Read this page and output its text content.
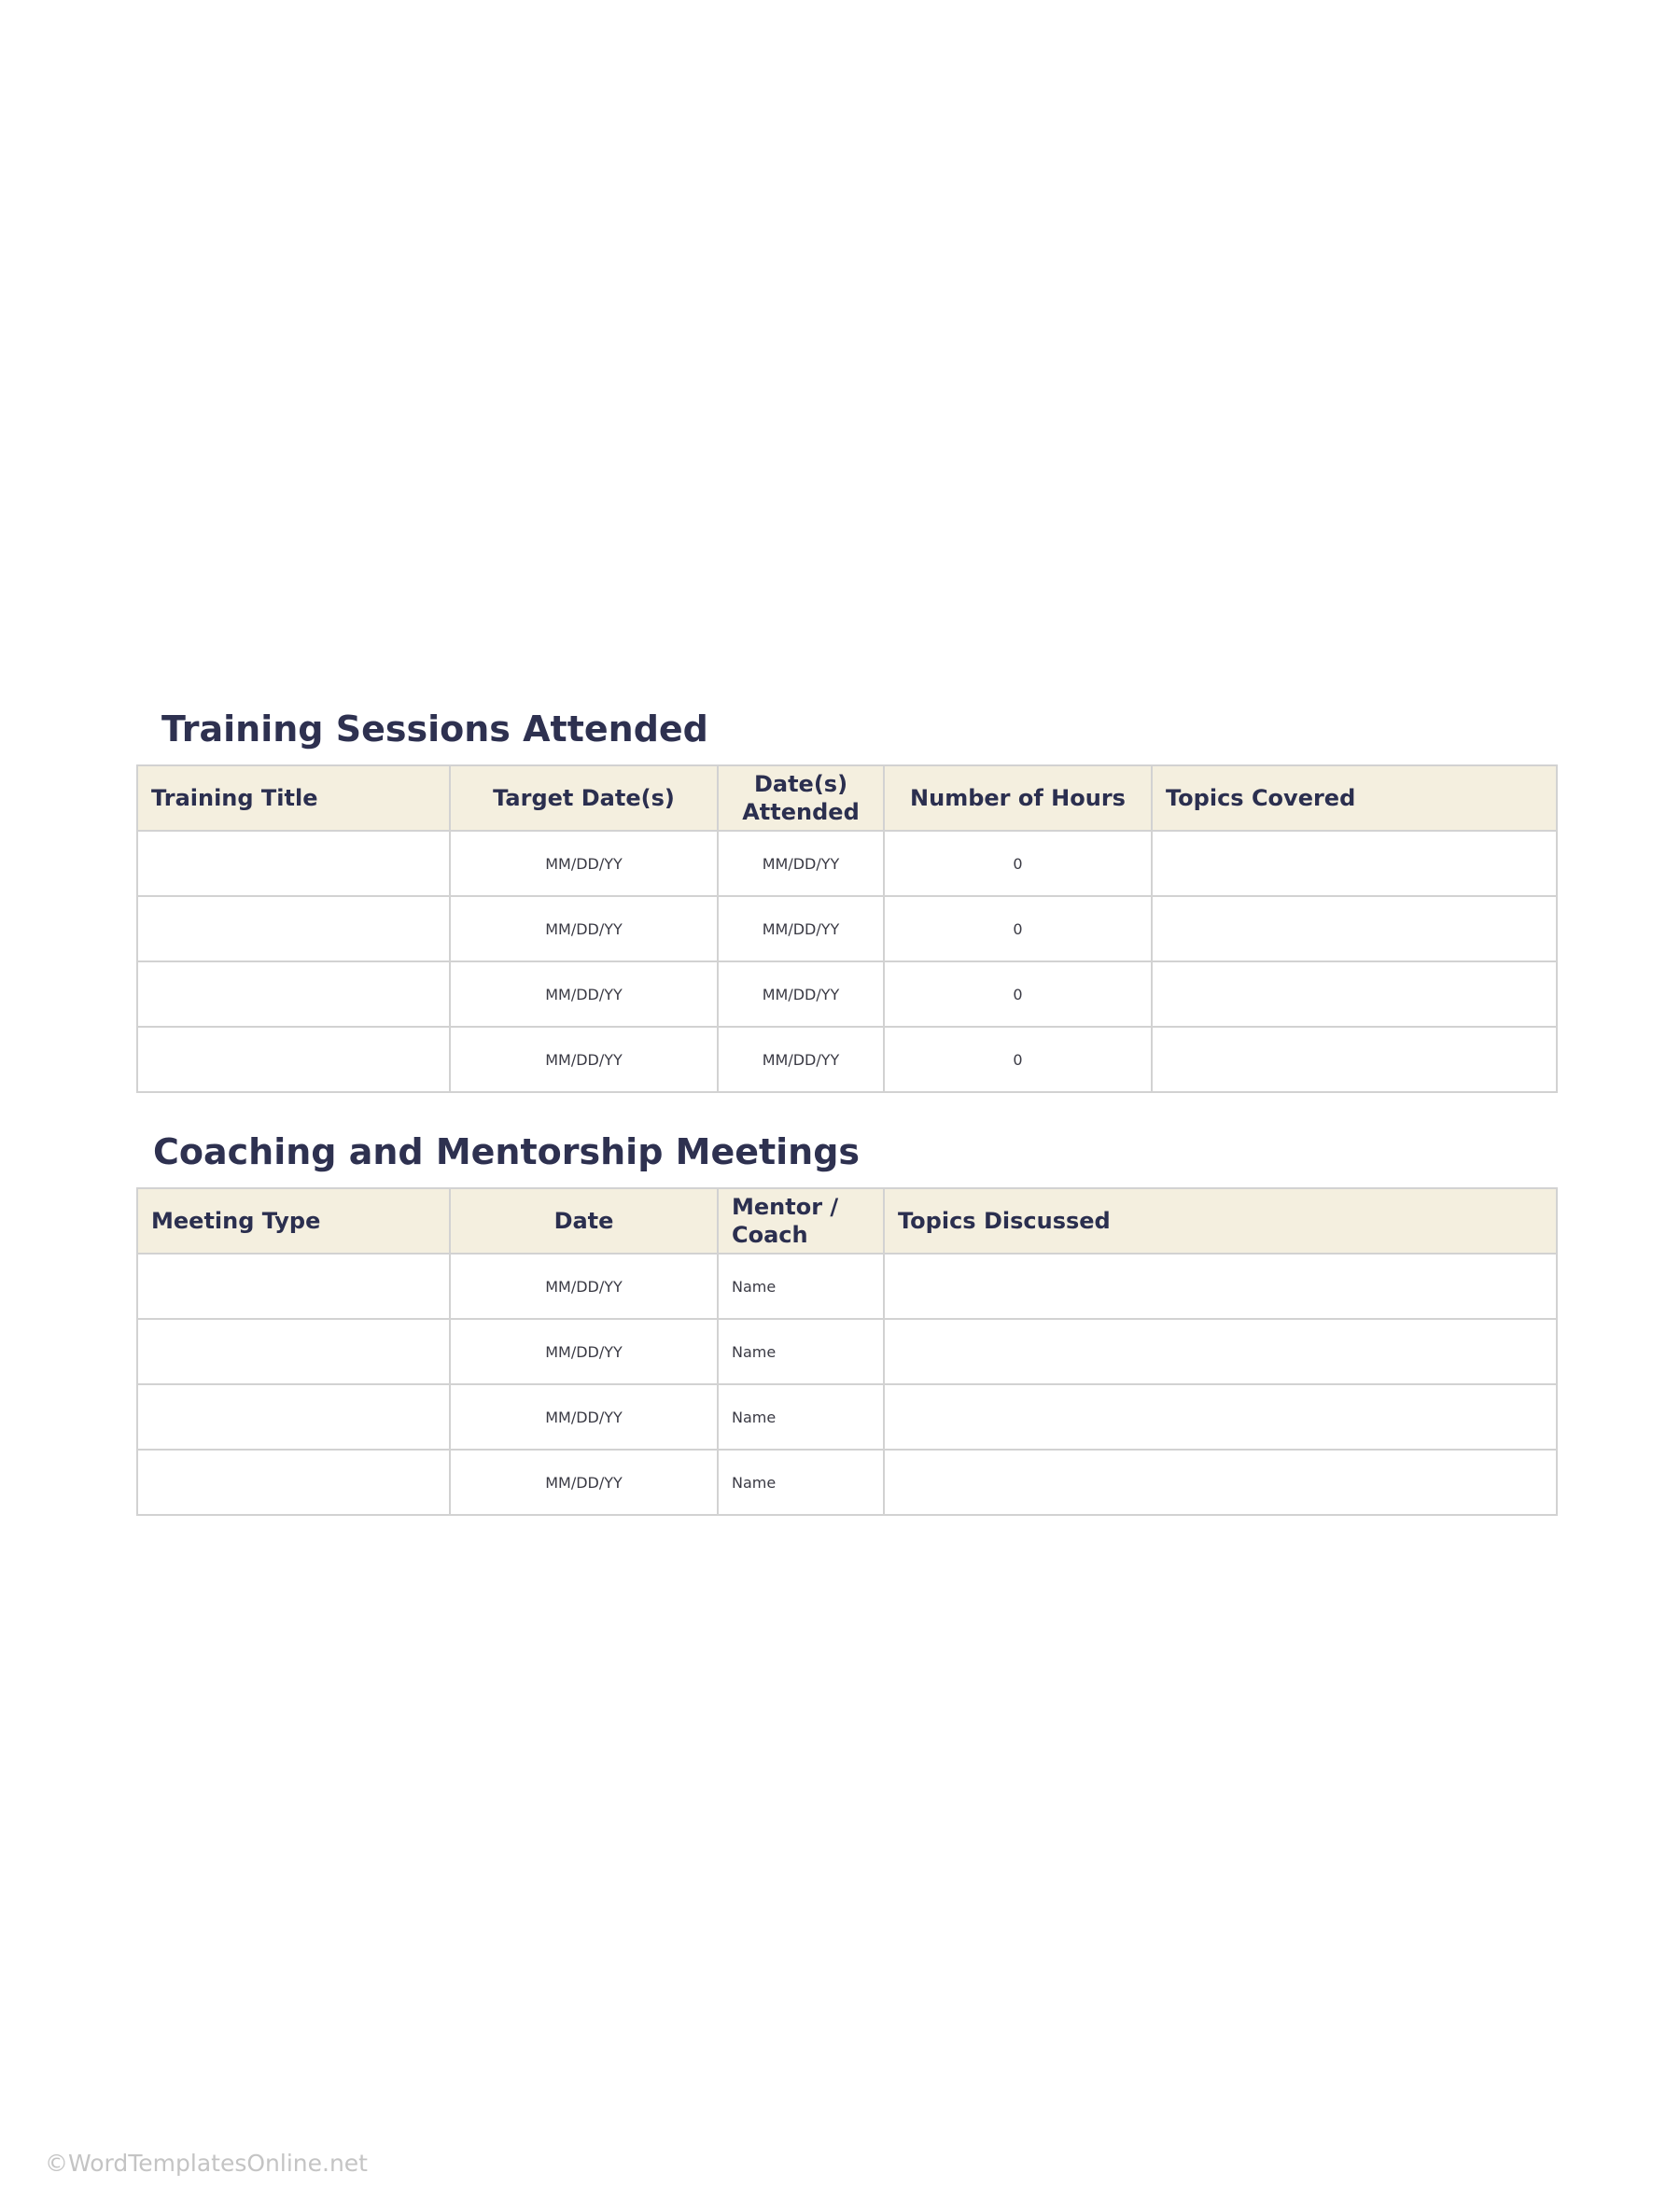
Training Sessions Attended
Training Title	Target Date(s)	Date(s) Attended	Number of Hours	Topics Covered
	MM/DD/YY	MM/DD/YY	0	
	MM/DD/YY	MM/DD/YY	0	
	MM/DD/YY	MM/DD/YY	0	
	MM/DD/YY	MM/DD/YY	0	
Coaching and Mentorship Meetings
Meeting Type	Date	Mentor / Coach	Topics Discussed
	MM/DD/YY	Name	
	MM/DD/YY	Name	
	MM/DD/YY	Name	
	MM/DD/YY	Name	
©WordTemplatesOnline.net
